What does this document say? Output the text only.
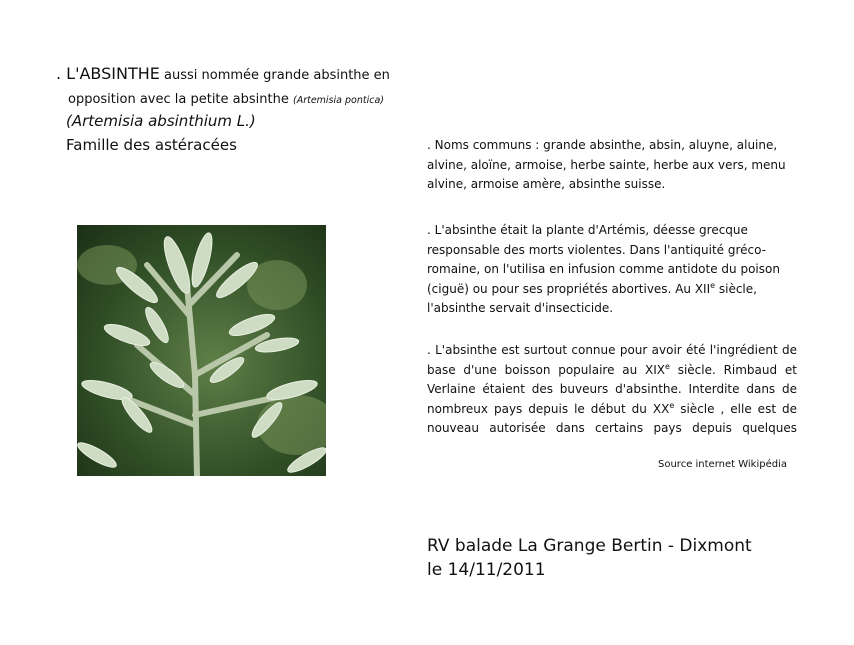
. L'ABSINTHE aussi nommée grande absinthe en
opposition avec la petite absinthe (Artemisia pontica)
(Artemisia absinthium L.)
Famille des astéracées	. Noms communs : grande absinthe, absin, aluyne, aluine, alvine, aloïne, armoise, herbe sainte, herbe aux vers, menu alvine, armoise amère, absinthe suisse.
. L'absinthe était la plante d'Artémis, déesse grecque responsable des morts violentes. Dans l'antiquité gréco-romaine, on l'utilisa en infusion comme antidote du poison (ciguë) ou pour ses propriétés abortives. Au XIIe siècle, l'absinthe servait d'insecticide.
. L'absinthe est surtout connue pour avoir été l'ingrédient de base d'une boisson populaire au XIXe siècle. Rimbaud et Verlaine étaient des buveurs d'absinthe. Interdite dans de nombreux pays depuis le début du XXe siècle , elle est de nouveau autorisée dans certains pays depuis quelques
Source internet Wikipédia
RV balade La Grange Bertin - Dixmont
le 14/11/2011
